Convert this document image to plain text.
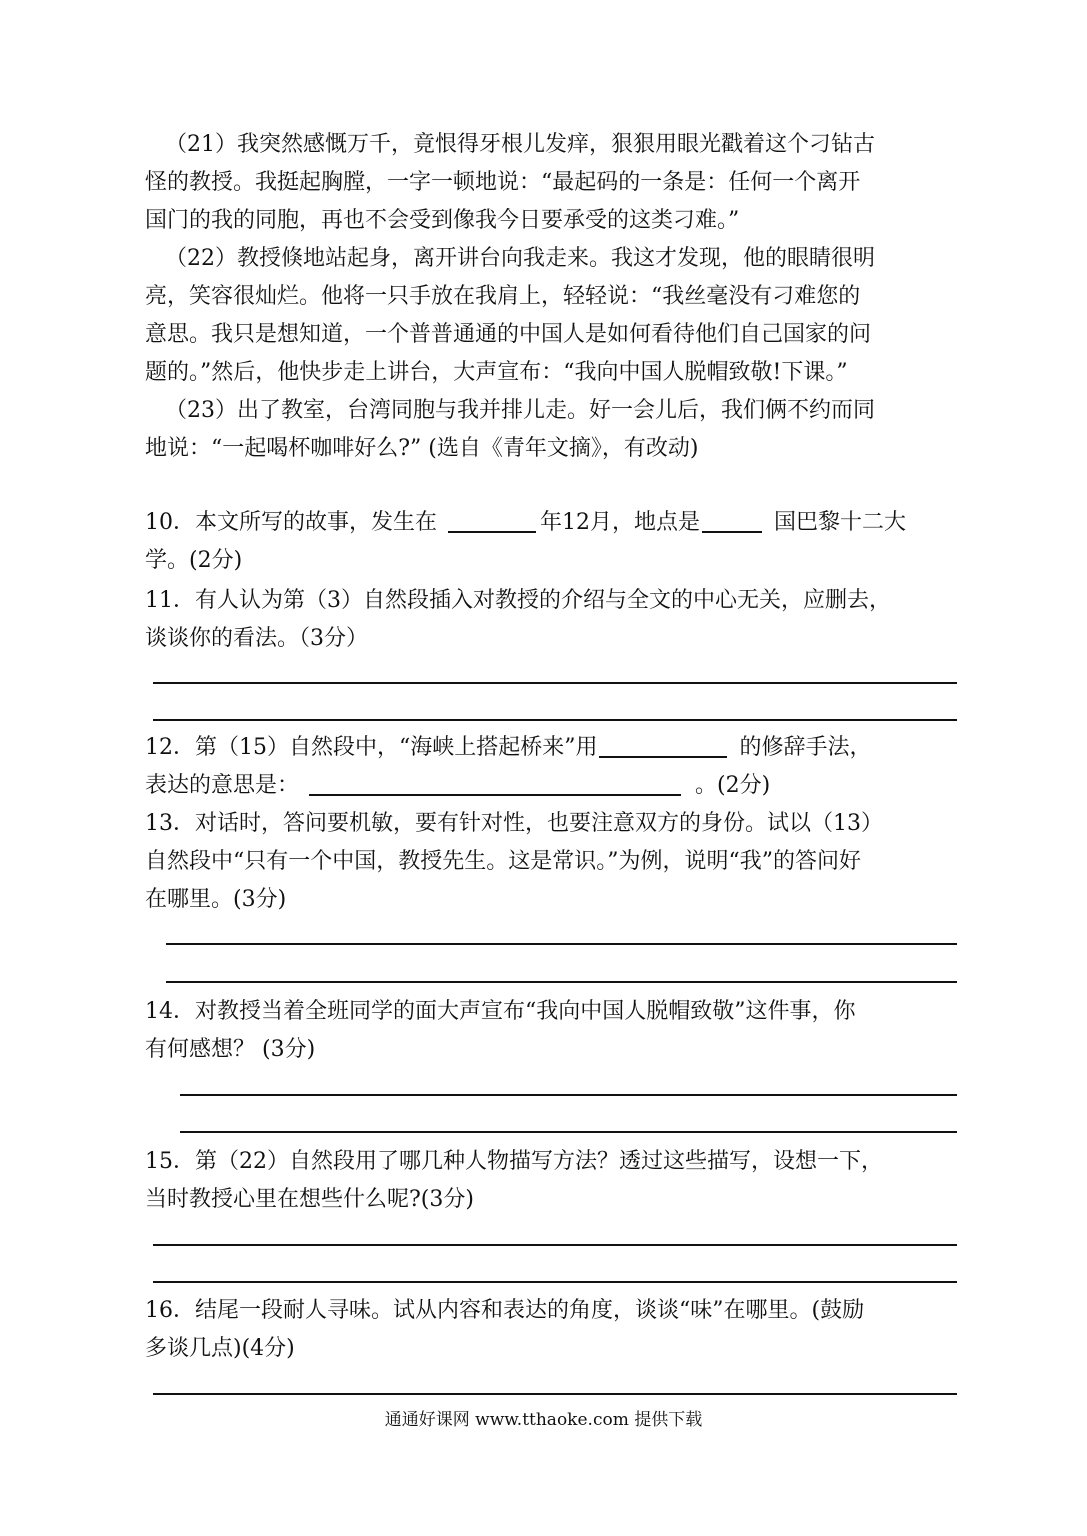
（21）我突然感慨万千，竟恨得牙根儿发痒，狠狠用眼光戳着这个刁钻古
怪的教授。我挺起胸膛，一字一顿地说：“最起码的一条是：任何一个离开
国门的我的同胞，再也不会受到像我今日要承受的这类刁难。”
（22）教授倏地站起身，离开讲台向我走来。我这才发现，他的眼睛很明
亮，笑容很灿烂。他将一只手放在我肩上，轻轻说：“我丝毫没有刁难您的
意思。我只是想知道，一个普普通通的中国人是如何看待他们自己国家的问
题的。”然后，他快步走上讲台，大声宣布：“我向中国人脱帽致敬!下课。”
（23）出了教室，台湾同胞与我并排儿走。好一会儿后，我们俩不约而同
地说：“一起喝杯咖啡好么?” (选自《青年文摘》，有改动)
10．本文所写的故事，发生在	年12月，地点是	国巴黎十二大
学。(2分)
11．有人认为第（3）自然段插入对教授的介绍与全文的中心无关，应删去，
谈谈你的看法。（3分）
12．第（15）自然段中，“海峡上搭起桥来”用	的修辞手法，
表达的意思是：	。(2分)
13．对话时，答问要机敏，要有针对性，也要注意双方的身份。试以（13）
自然段中“只有一个中国，教授先生。这是常识。”为例，说明“我”的答问好
在哪里。(3分)
14．对教授当着全班同学的面大声宣布“我向中国人脱帽致敬”这件事，你
有何感想？ (3分)
15．第（22）自然段用了哪几种人物描写方法？透过这些描写，设想一下，
当时教授心里在想些什么呢?(3分)
16．结尾一段耐人寻味。试从内容和表达的角度，谈谈“味”在哪里。(鼓励
多谈几点)(4分)
通通好课网 www.tthaoke.com 提供下载
